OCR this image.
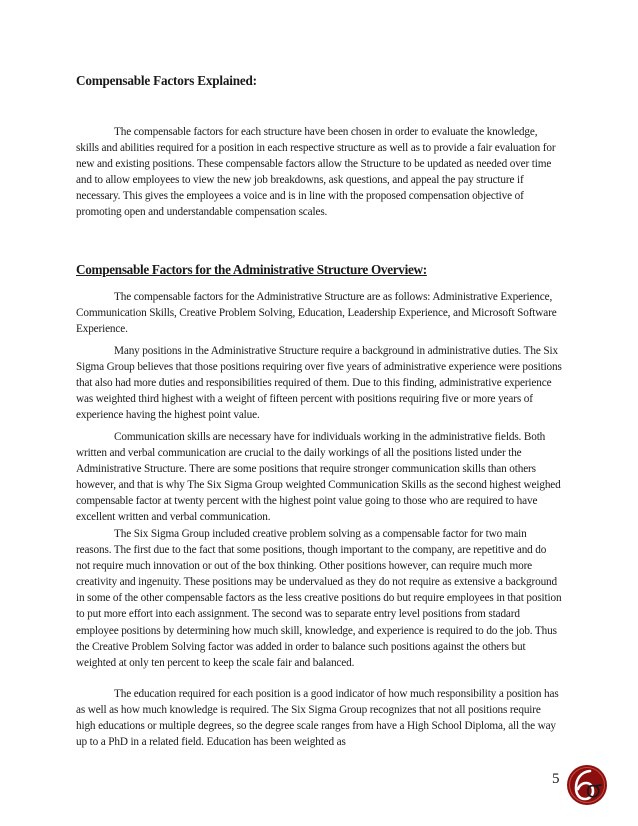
Compensable Factors Explained:

The compensable factors for each structure have been chosen in order to evaluate the knowledge, skills and abilities required for a position in each respective structure as well as to provide a fair evaluation for new and existing positions. These compensable factors allow the Structure to be updated as needed over time and to allow employees to view the new job breakdowns, ask questions, and appeal the pay structure if necessary. This gives the employees a voice and is in line with the proposed compensation objective of promoting open and understandable compensation scales.

Compensable Factors for the Administrative Structure Overview:

The compensable factors for the Administrative Structure are as follows: Administrative Experience, Communication Skills, Creative Problem Solving, Education, Leadership Experience, and Microsoft Software Experience.

Many positions in the Administrative Structure require a background in administrative duties. The Six Sigma Group believes that those positions requiring over five years of administrative experience were positions that also had more duties and responsibilities required of them. Due to this finding, administrative experience was weighted third highest with a weight of fifteen percent with positions requiring five or more years of experience having the highest point value.

Communication skills are necessary have for individuals working in the administrative fields. Both written and verbal communication are crucial to the daily workings of all the positions listed under the Administrative Structure. There are some positions that require stronger communication skills than others however, and that is why The Six Sigma Group weighted Communication Skills as the second highest weighed compensable factor at twenty percent with the highest point value going to those who are required to have excellent written and verbal communication.

The Six Sigma Group included creative problem solving as a compensable factor for two main reasons. The first due to the fact that some positions, though important to the company, are repetitive and do not require much innovation or out of the box thinking. Other positions however, can require much more creativity and ingenuity. These positions may be undervalued as they do not require as extensive a background in some of the other compensable factors as the less creative positions do but require employees in that position to put more effort into each assignment. The second was to separate entry level positions from stadard employee positions by determining how much skill, knowledge, and experience is required to do the job. Thus the Creative Problem Solving factor was added in order to balance such positions against the others but weighted at only ten percent to keep the scale fair and balanced.

The education required for each position is a good indicator of how much responsibility a position has as well as how much knowledge is required. The Six Sigma Group recognizes that not all positions require high educations or multiple degrees, so the degree scale ranges from have a High School Diploma, all the way up to a PhD in a related field. Education has been weighted as

5
